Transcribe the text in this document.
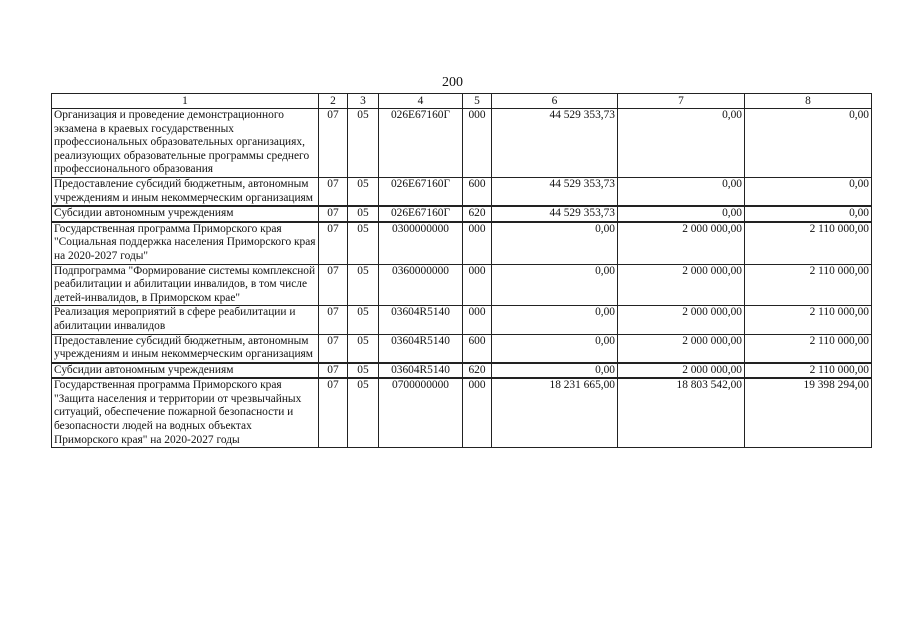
200
1	2	3	4	5	6	7	8
Организация и проведение демонстрационного экзамена в краевых государственных профессиональных образовательных организациях, реализующих образовательные программы среднего профессионального образования	07	05	026E67160Г	000	44 529 353,73	0,00	0,00
Предоставление субсидий бюджетным, автономным учреждениям и иным некоммерческим организациям	07	05	026E67160Г	600	44 529 353,73	0,00	0,00
Субсидии автономным учреждениям	07	05	026E67160Г	620	44 529 353,73	0,00	0,00
Государственная программа Приморского края "Социальная поддержка населения Приморского края на 2020-2027 годы"	07	05	0300000000	000	0,00	2 000 000,00	2 110 000,00
Подпрограмма "Формирование системы комплексной реабилитации и абилитации инвалидов, в том числе детей-инвалидов, в Приморском крае"	07	05	0360000000	000	0,00	2 000 000,00	2 110 000,00
Реализация мероприятий в сфере реабилитации и абилитации инвалидов	07	05	03604R5140	000	0,00	2 000 000,00	2 110 000,00
Предоставление субсидий бюджетным, автономным учреждениям и иным некоммерческим организациям	07	05	03604R5140	600	0,00	2 000 000,00	2 110 000,00
Субсидии автономным учреждениям	07	05	03604R5140	620	0,00	2 000 000,00	2 110 000,00
Государственная программа Приморского края "Защита населения и территории от чрезвычайных ситуаций, обеспечение пожарной безопасности и безопасности людей на водных объектах Приморского края" на 2020-2027 годы	07	05	0700000000	000	18 231 665,00	18 803 542,00	19 398 294,00
